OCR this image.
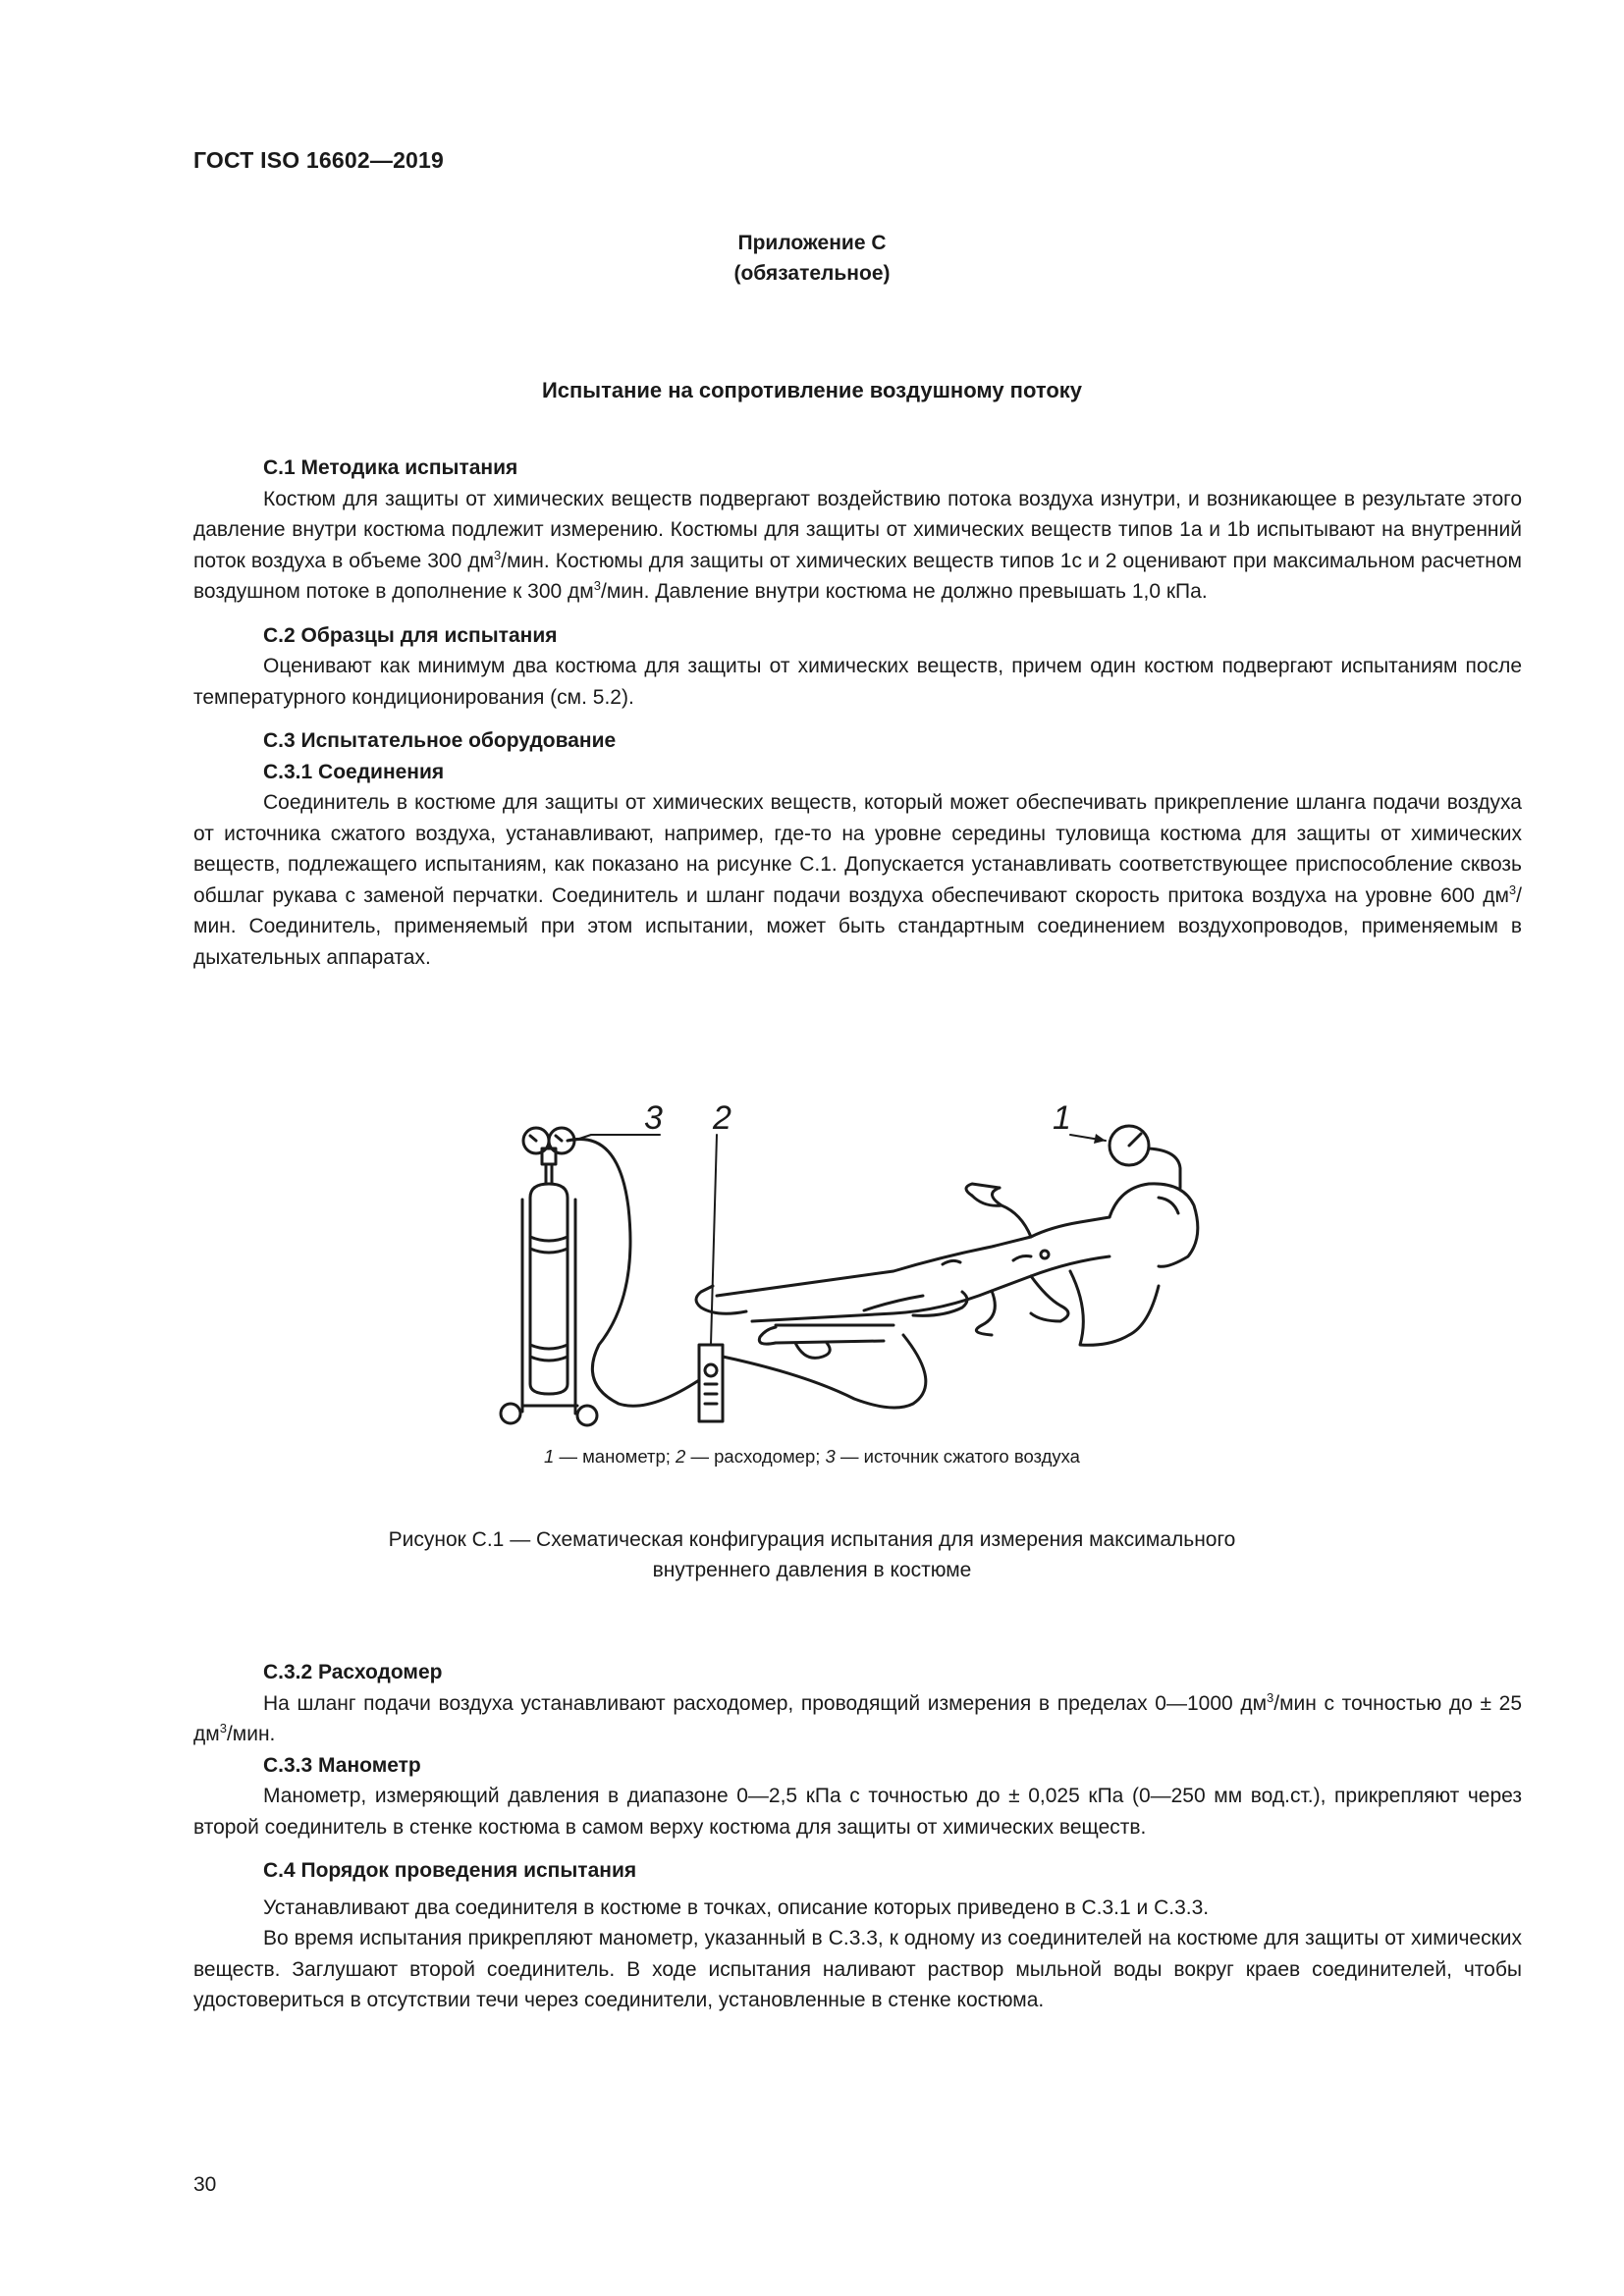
ГОСТ ISO 16602—2019
Приложение С
(обязательное)
Испытание на сопротивление воздушному потоку

С.1 Методика испытания

Костюм для защиты от химических веществ подвергают воздействию потока воздуха изнутри, и возникающее в результате этого давление внутри костюма подлежит измерению. Костюмы для защиты от химических веществ типов 1a и 1b испытывают на внутренний поток воздуха в объеме 300 $дм^3$/мин. Костюмы для защиты от химических веществ типов 1c и 2 оценивают при максимальном расчетном воздушном потоке в дополнение к 300 $дм^3$/мин. Давление внутри костюма не должно превышать 1,0 кПа.

С.2 Образцы для испытания

Оценивают как минимум два костюма для защиты от химических веществ, причем один костюм подвергают испытаниям после температурного кондиционирования (см. 5.2).

С.3 Испытательное оборудование

С.3.1 Соединения

Соединитель в костюме для защиты от химических веществ, который может обеспечивать прикрепление шланга подачи воздуха от источника сжатого воздуха, устанавливают, например, где-то на уровне середины туловища костюма для защиты от химических веществ, подлежащего испытаниям, как показано на рисунке С.1. Допускается устанавливать соответствующее приспособление сквозь обшлаг рукава с заменой перчатки. Соединитель и шланг подачи воздуха обеспечивают скорость притока воздуха на уровне 600 $дм^3$/мин. Соединитель, применяемый при этом испытании, может быть стандартным соединением воздухопроводов, применяемым в дыхательных аппаратах.

3 2	1
1 — манометр; 2 — расходомер; 3 — источник сжатого воздуха
Рисунок С.1 — Схематическая конфигурация испытания для измерения максимального
внутреннего давления в костюме

С.3.2 Расходомер

На шланг подачи воздуха устанавливают расходомер, проводящий измерения в пределах 0—1000 $дм^3$/мин с точностью до ± 25 $дм^3$/мин.

С.3.3 Манометр

Манометр, измеряющий давления в диапазоне 0—2,5 кПа с точностью до ± 0,025 кПа (0—250 мм вод.ст.), прикрепляют через второй соединитель в стенке костюма в самом верху костюма для защиты от химических веществ.

С.4 Порядок проведения испытания

Устанавливают два соединителя в костюме в точках, описание которых приведено в С.3.1 и С.3.3.

Во время испытания прикрепляют манометр, указанный в С.3.3, к одному из соединителей на костюме для защиты от химических веществ. Заглушают второй соединитель. В ходе испытания наливают раствор мыльной воды вокруг краев соединителей, чтобы удостовериться в отсутствии течи через соединители, установленные в стенке костюма.

30
